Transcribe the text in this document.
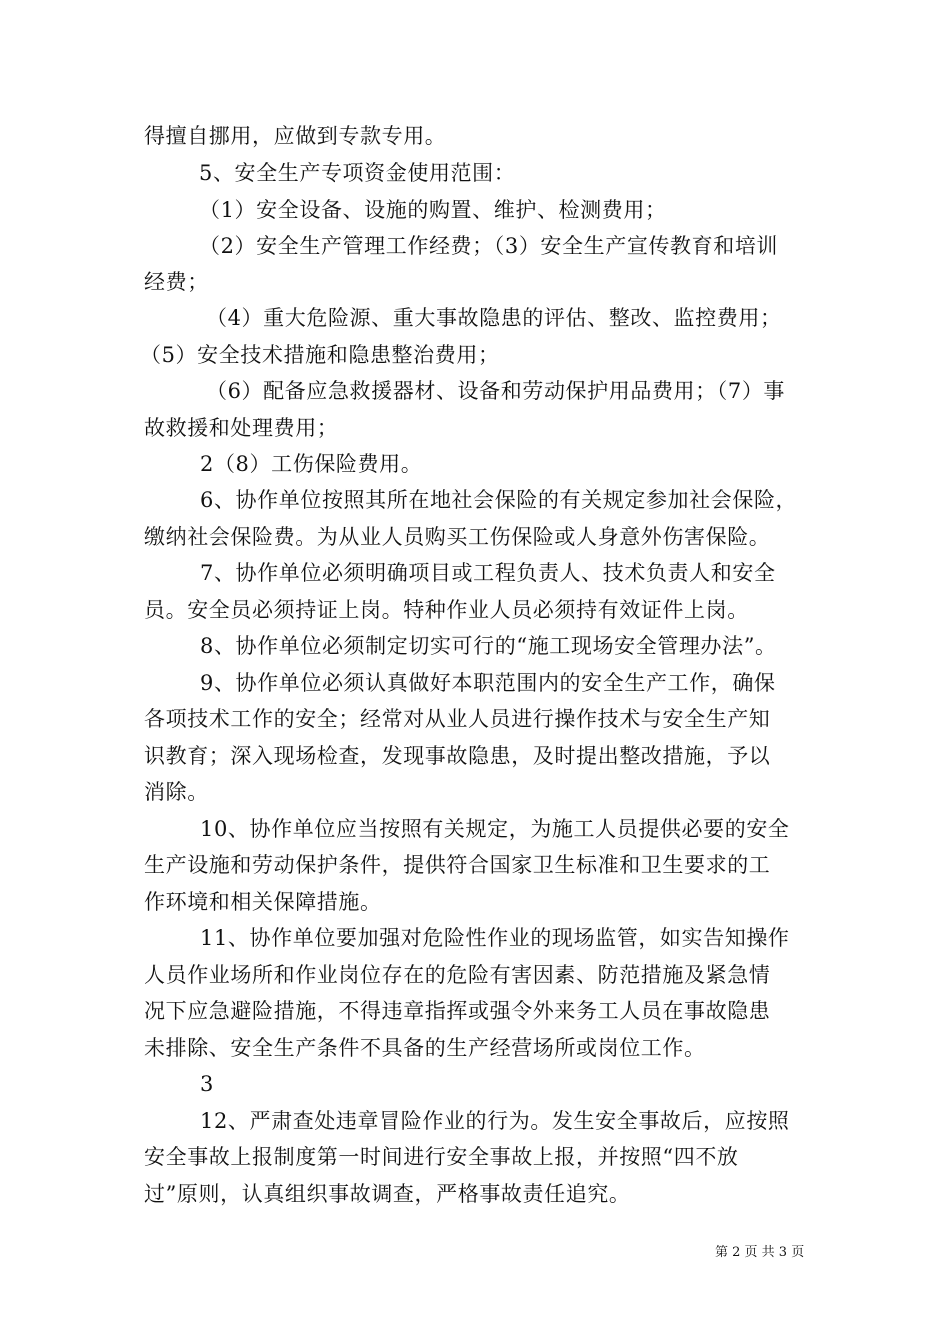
得擅自挪用，应做到专款专用。
5、安全生产专项资金使用范围：
（1）安全设备、设施的购置、维护、检测费用；
（2）安全生产管理工作经费；（3）安全生产宣传教育和培训
经费；
（4）重大危险源、重大事故隐患的评估、整改、监控费用；
（5）安全技术措施和隐患整治费用；
（6）配备应急救援器材、设备和劳动保护用品费用；（7）事
故救援和处理费用；
2（8）工伤保险费用。
6、协作单位按照其所在地社会保险的有关规定参加社会保险，
缴纳社会保险费。为从业人员购买工伤保险或人身意外伤害保险。
7、协作单位必须明确项目或工程负责人、技术负责人和安全
员。安全员必须持证上岗。特种作业人员必须持有效证件上岗。
8、协作单位必须制定切实可行的“施工现场安全管理办法”。
9、协作单位必须认真做好本职范围内的安全生产工作，确保
各项技术工作的安全；经常对从业人员进行操作技术与安全生产知
识教育；深入现场检查，发现事故隐患，及时提出整改措施，予以
消除。
10、协作单位应当按照有关规定，为施工人员提供必要的安全
生产设施和劳动保护条件，提供符合国家卫生标准和卫生要求的工
作环境和相关保障措施。
11、协作单位要加强对危险性作业的现场监管，如实告知操作
人员作业场所和作业岗位存在的危险有害因素、防范措施及紧急情
况下应急避险措施，不得违章指挥或强令外来务工人员在事故隐患
未排除、安全生产条件不具备的生产经营场所或岗位工作。
3
12、严肃查处违章冒险作业的行为。发生安全事故后，应按照
安全事故上报制度第一时间进行安全事故上报，并按照“四不放
过”原则，认真组织事故调查，严格事故责任追究。
第 2 页 共 3 页
